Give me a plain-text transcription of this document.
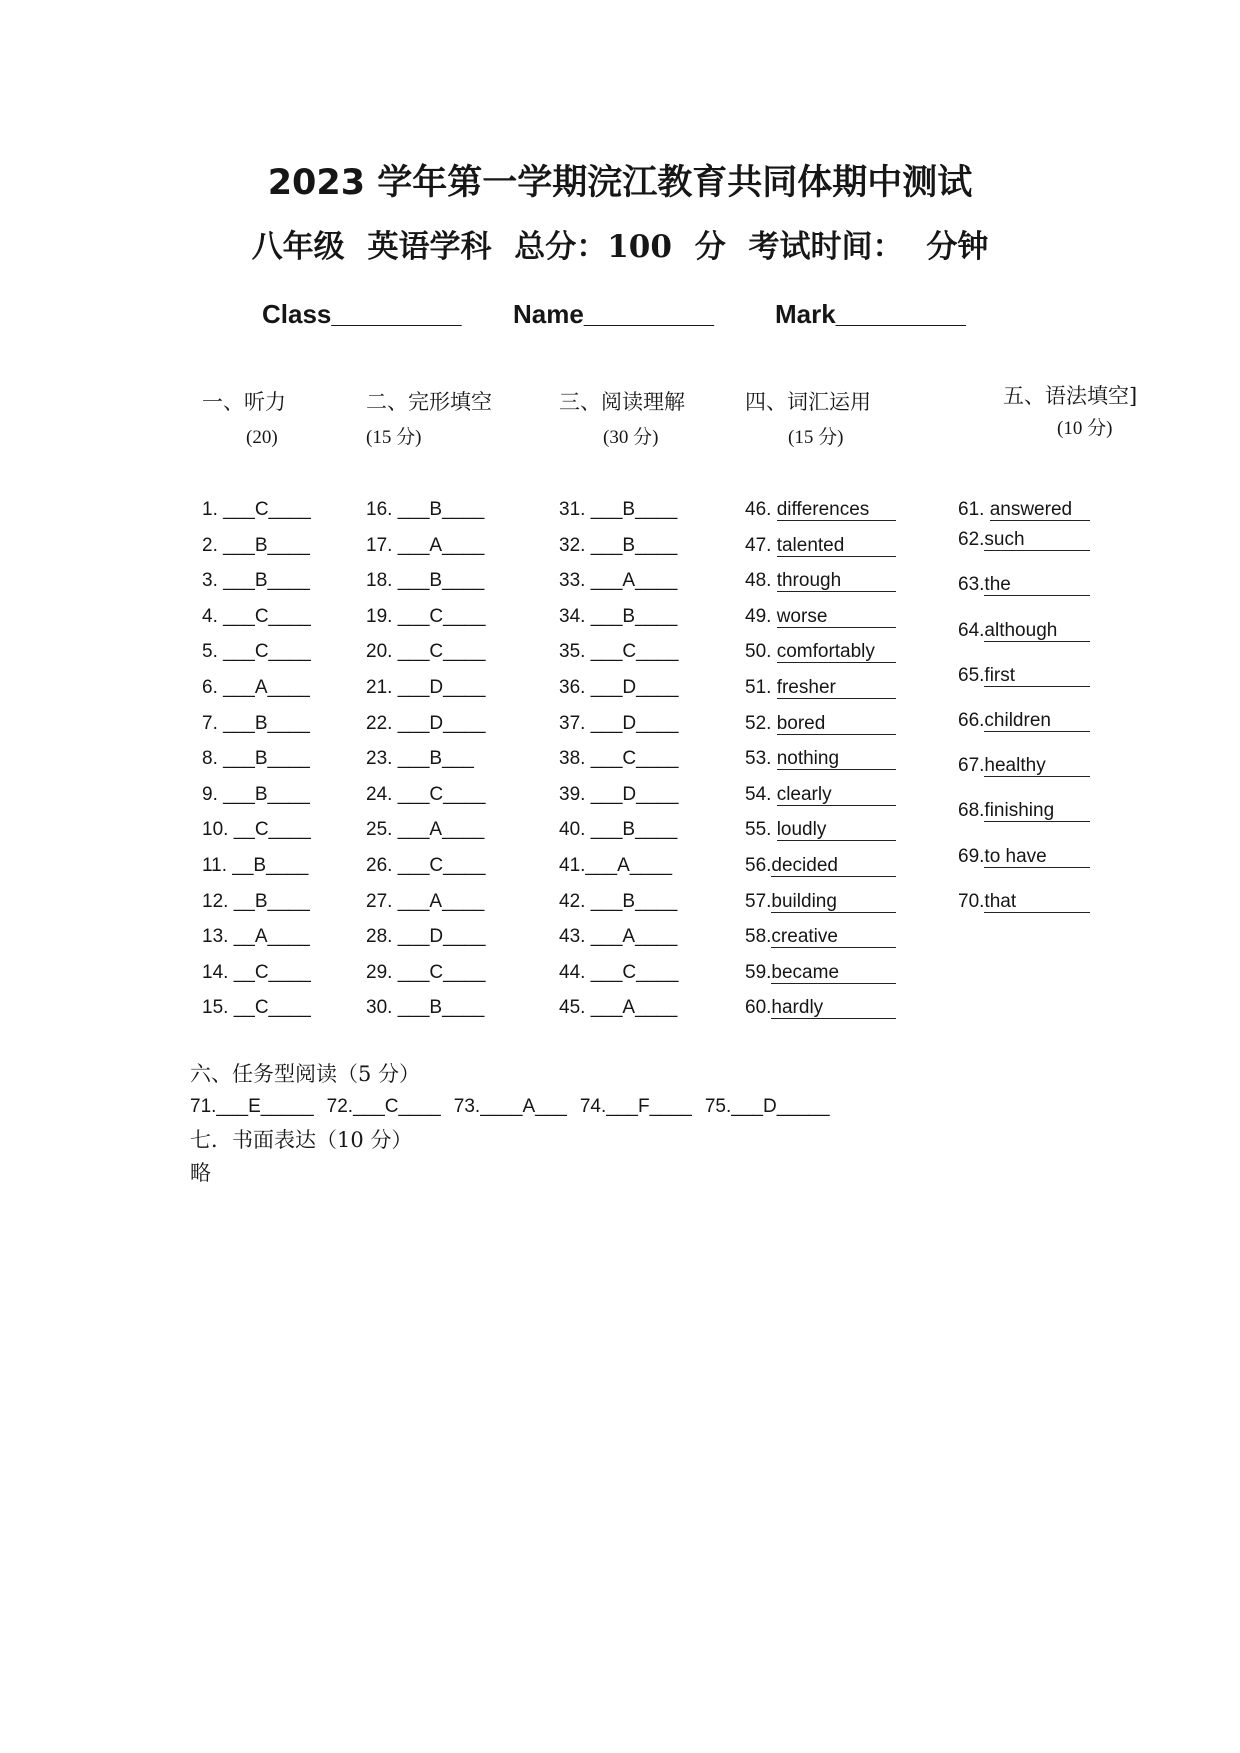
2023 学年第一学期浣江教育共同体期中测试
八年级 英语学科 总分：100 分 考试时间： 分钟
Class_________ Name_________ Mark_________
一、听力
(20)
二、完形填空
(15 分)
三、阅读理解
(30 分)
四、词汇运用
(15 分)
五、语法填空]
(10 分)
1. ___C____
2. ___B____
3. ___B____
4. ___C____
5. ___C____
6. ___A____
7. ___B____
8. ___B____
9. ___B____
10. __C____
11. __B____
12. __B____
13. __A____
14. __C____
15. __C____
16. ___B____
17. ___A____
18. ___B____
19. ___C____
20. ___C____
21. ___D____
22. ___D____
23. ___B___
24. ___C____
25. ___A____
26. ___C____
27. ___A____
28. ___D____
29. ___C____
30. ___B____
31. ___B____
32. ___B____
33. ___A____
34. ___B____
35. ___C____
36. ___D____
37. ___D____
38. ___C____
39. ___D____
40. ___B____
41. ___A____
42. ___B____
43. ___A____
44. ___C____
45. ___A____
46. differences
47. talented
48. through
49. worse
50. comfortably
51. fresher
52. bored
53. nothing
54. clearly
55. loudly
56. decided
57. building
58. creative
59. became
60. hardly
61. answered
62. such
63. the
64. although
65. first
66. children
67. healthy
68. finishing
69. to have
70. that
六、任务型阅读（5 分）
71.___E_____ 72.___C____ 73.____A___ 74.___F____ 75.___D_____
七．书面表达（10 分）
略
